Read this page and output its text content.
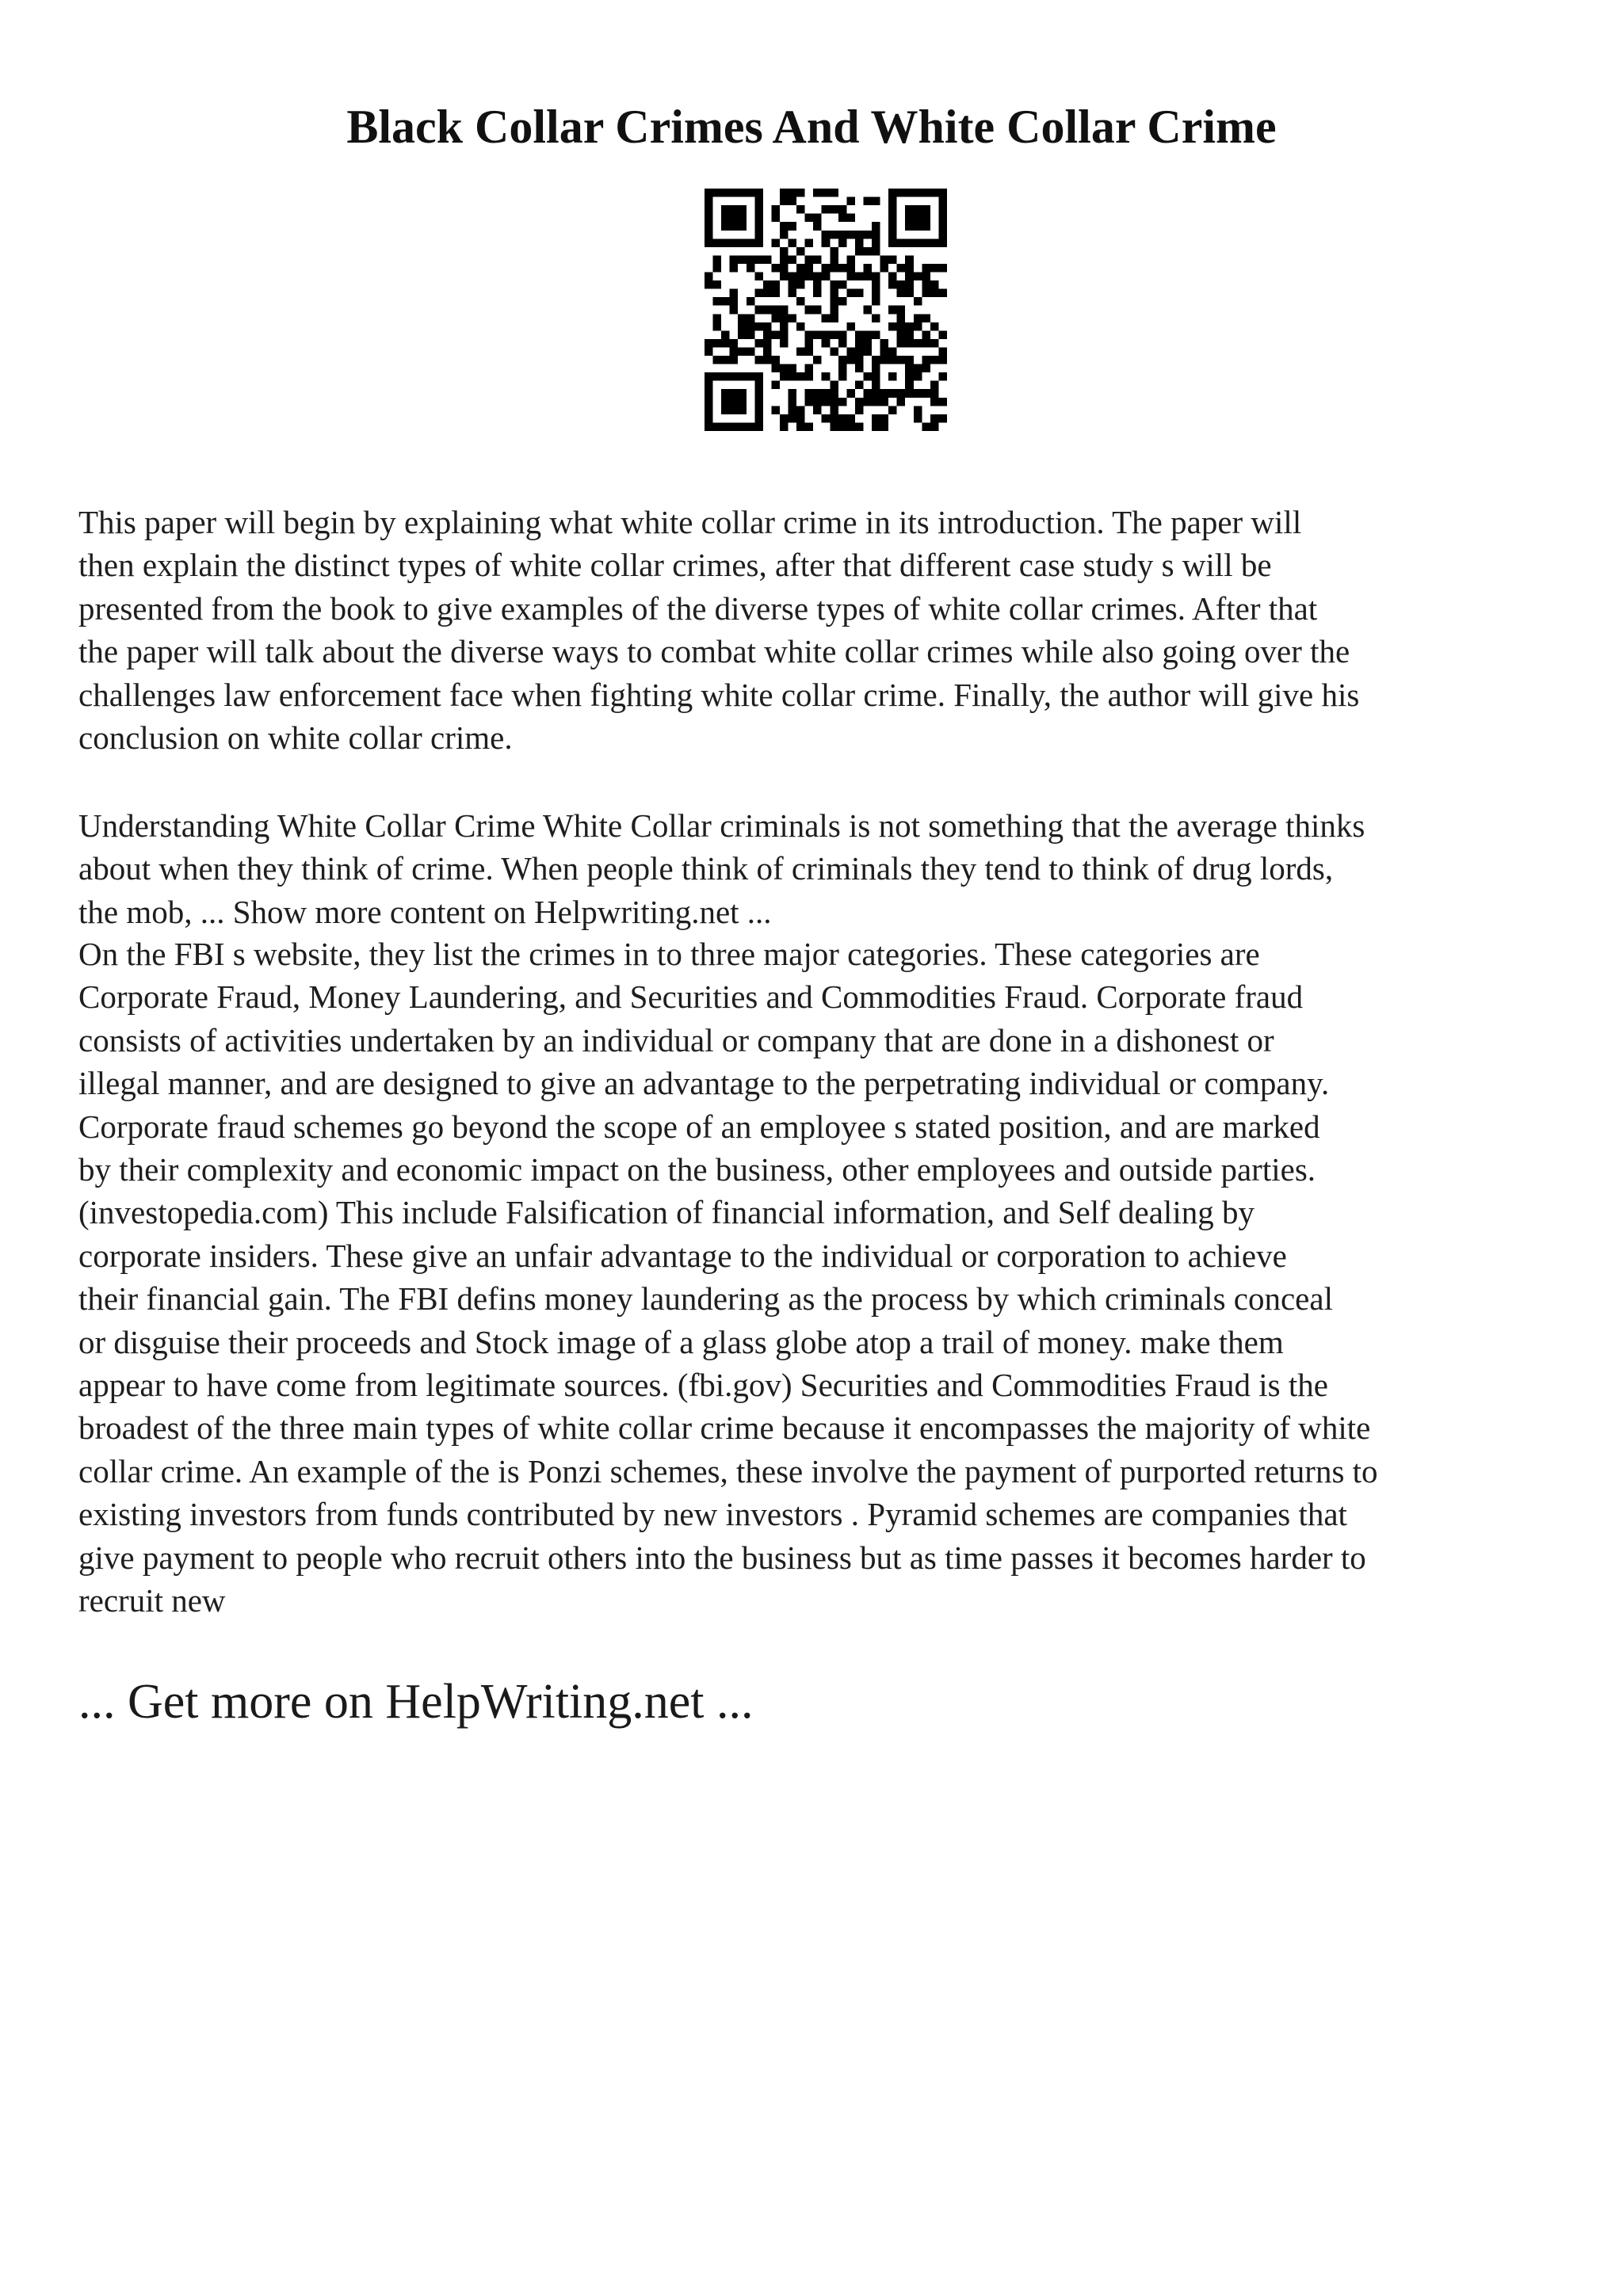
Black Collar Crimes And White Collar Crime

This paper will begin by explaining what white collar crime in its introduction. The paper will
then explain the distinct types of white collar crimes, after that different case study s will be
presented from the book to give examples of the diverse types of white collar crimes. After that
the paper will talk about the diverse ways to combat white collar crimes while also going over the
challenges law enforcement face when fighting white collar crime. Finally, the author will give his
conclusion on white collar crime.

Understanding White Collar Crime White Collar criminals is not something that the average thinks
about when they think of crime. When people think of criminals they tend to think of drug lords,
the mob, ... Show more content on Helpwriting.net ...

On the FBI s website, they list the crimes in to three major categories. These categories are
Corporate Fraud, Money Laundering, and Securities and Commodities Fraud. Corporate fraud
consists of activities undertaken by an individual or company that are done in a dishonest or
illegal manner, and are designed to give an advantage to the perpetrating individual or company.
Corporate fraud schemes go beyond the scope of an employee s stated position, and are marked
by their complexity and economic impact on the business, other employees and outside parties.
(investopedia.com) This include Falsification of financial information, and Self dealing by
corporate insiders. These give an unfair advantage to the individual or corporation to achieve
their financial gain. The FBI defins money laundering as the process by which criminals conceal
or disguise their proceeds and Stock image of a glass globe atop a trail of money. make them
appear to have come from legitimate sources. (fbi.gov) Securities and Commodities Fraud is the
broadest of the three main types of white collar crime because it encompasses the majority of white
collar crime. An example of the is Ponzi schemes, these involve the payment of purported returns to
existing investors from funds contributed by new investors . Pyramid schemes are companies that
give payment to people who recruit others into the business but as time passes it becomes harder to
recruit new

... Get more on HelpWriting.net ...
